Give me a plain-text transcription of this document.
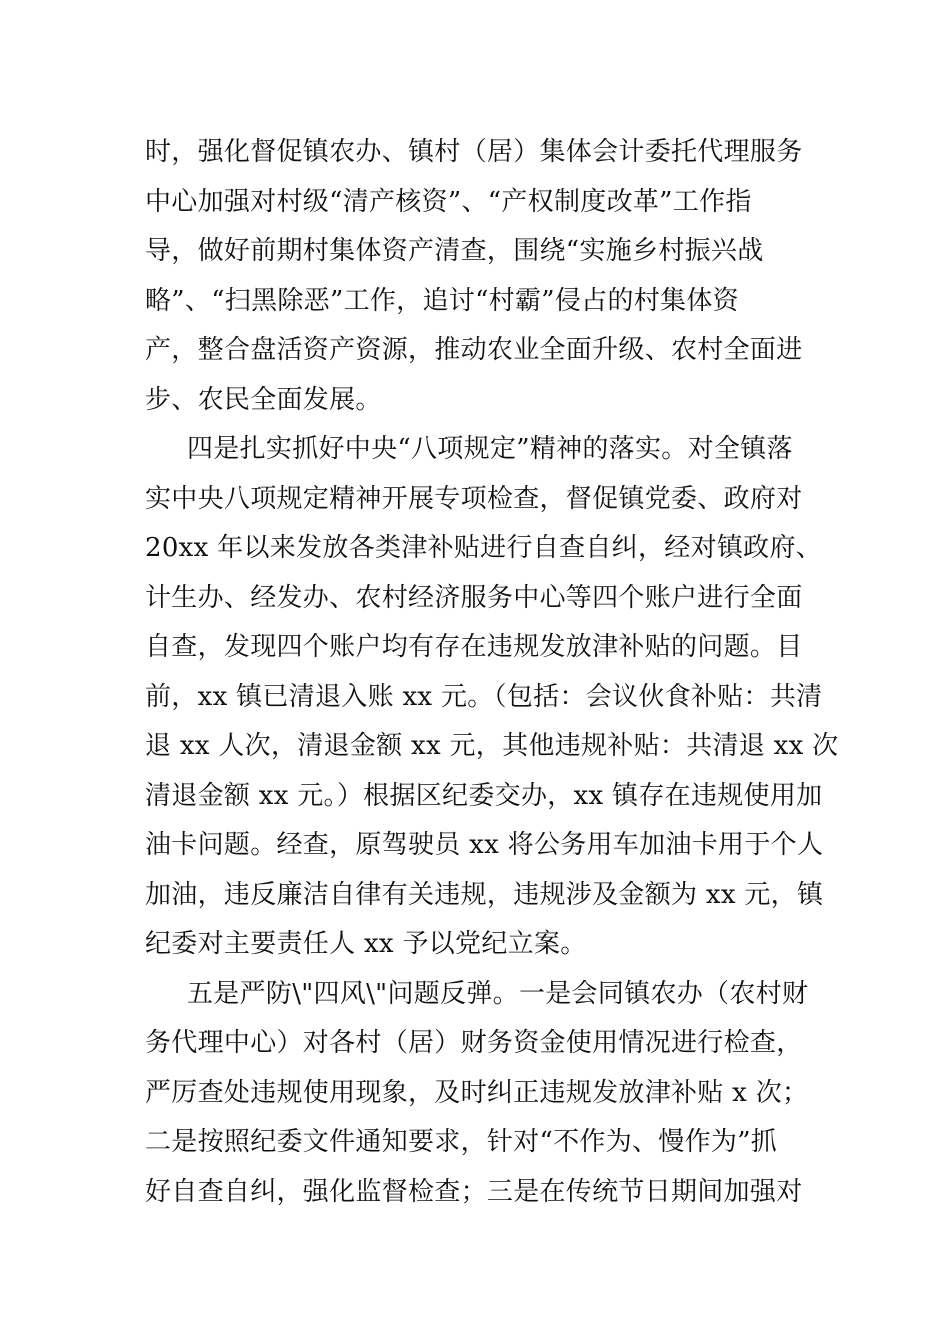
时，强化督促镇农办、镇村（居）集体会计委托代理服务
中心加强对村级“清产核资”、“产权制度改革”工作指
导，做好前期村集体资产清查，围绕“实施乡村振兴战
略”、“扫黑除恶”工作，追讨“村霸”侵占的村集体资
产，整合盘活资产资源，推动农业全面升级、农村全面进
步、农民全面发展。
四是扎实抓好中央“八项规定”精神的落实。对全镇落
实中央八项规定精神开展专项检查，督促镇党委、政府对
20xx 年以来发放各类津补贴进行自查自纠，经对镇政府、
计生办、经发办、农村经济服务中心等四个账户进行全面
自查，发现四个账户均有存在违规发放津补贴的问题。目
前，xx 镇已清退入账 xx 元。（包括：会议伙食补贴：共清
退 xx 人次，清退金额 xx 元，其他违规补贴：共清退 xx 次
清退金额 xx 元。）根据区纪委交办，xx 镇存在违规使用加
油卡问题。经查，原驾驶员 xx 将公务用车加油卡用于个人
加油，违反廉洁自律有关违规，违规涉及金额为 xx 元，镇
纪委对主要责任人 xx 予以党纪立案。
五是严防\"四风\"问题反弹。一是会同镇农办（农村财
务代理中心）对各村（居）财务资金使用情况进行检查，
严厉查处违规使用现象，及时纠正违规发放津补贴 x 次；
二是按照纪委文件通知要求，针对“不作为、慢作为”抓
好自查自纠，强化监督检查；三是在传统节日期间加强对
